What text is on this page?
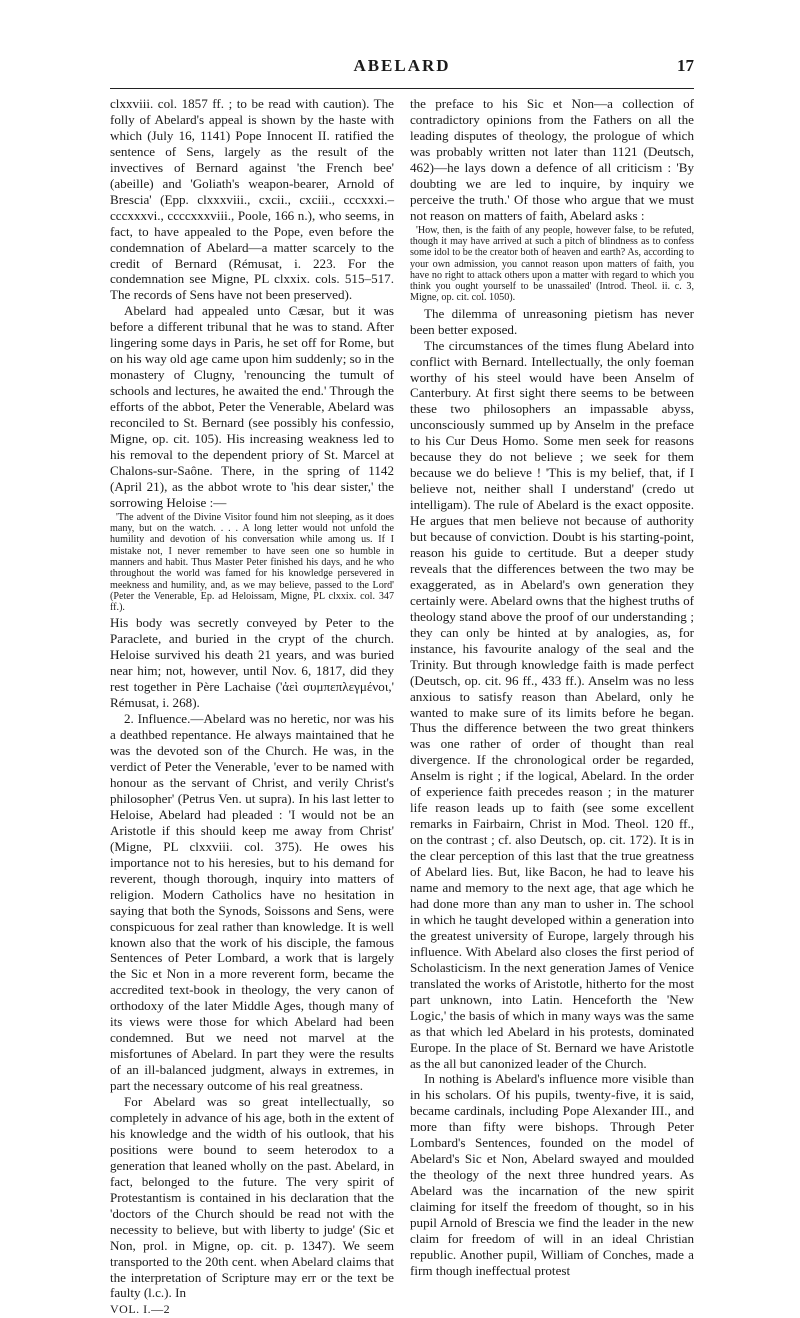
ABELARD	17

clxxviii. col. 1857 ff. ; to be read with caution). The folly of Abelard's appeal is shown by the haste with which (July 16, 1141) Pope Innocent II. ratified the sentence of Sens, largely as the result of the invectives of Bernard against 'the French bee' (abeille) and 'Goliath's weapon-bearer, Arnold of Brescia' (Epp. clxxxviii., cxcii., cxciii., cccxxxi.–cccxxxvi., ccccxxxviii., Poole, 166 n.), who seems, in fact, to have appealed to the Pope, even before the condemnation of Abelard—a matter scarcely to the credit of Bernard (Rémusat, i. 223. For the condemnation see Migne, PL clxxix. cols. 515–517. The records of Sens have not been preserved).

Abelard had appealed unto Cæsar, but it was before a different tribunal that he was to stand. After lingering some days in Paris, he set off for Rome, but on his way old age came upon him suddenly; so in the monastery of Clugny, 'renouncing the tumult of schools and lectures, he awaited the end.' Through the efforts of the abbot, Peter the Venerable, Abelard was reconciled to St. Bernard (see possibly his confessio, Migne, op. cit. 105). His increasing weakness led to his removal to the dependent priory of St. Marcel at Chalons-sur-Saône. There, in the spring of 1142 (April 21), as the abbot wrote to 'his dear sister,' the sorrowing Heloise :—

'The advent of the Divine Visitor found him not sleeping, as it does many, but on the watch. . . . A long letter would not unfold the humility and devotion of his conversation while among us. If I mistake not, I never remember to have seen one so humble in manners and habit. Thus Master Peter finished his days, and he who throughout the world was famed for his knowledge persevered in meekness and humility, and, as we may believe, passed to the Lord' (Peter the Venerable, Ep. ad Heloissam, Migne, PL clxxix. col. 347 ff.).

His body was secretly conveyed by Peter to the Paraclete, and buried in the crypt of the church. Heloise survived his death 21 years, and was buried near him; not, however, until Nov. 6, 1817, did they rest together in Père Lachaise ('ἀεὶ συμπεπλεγμένοι,' Rémusat, i. 268).

2. Influence.—Abelard was no heretic, nor was his a deathbed repentance. He always maintained that he was the devoted son of the Church. He was, in the verdict of Peter the Venerable, 'ever to be named with honour as the servant of Christ, and verily Christ's philosopher' (Petrus Ven. ut supra). In his last letter to Heloise, Abelard had pleaded : 'I would not be an Aristotle if this should keep me away from Christ' (Migne, PL clxxviii. col. 375). He owes his importance not to his heresies, but to his demand for reverent, though thorough, inquiry into matters of religion. Modern Catholics have no hesitation in saying that both the Synods, Soissons and Sens, were conspicuous for zeal rather than knowledge. It is well known also that the work of his disciple, the famous Sentences of Peter Lombard, a work that is largely the Sic et Non in a more reverent form, became the accredited text-book in theology, the very canon of orthodoxy of the later Middle Ages, though many of its views were those for which Abelard had been condemned. But we need not marvel at the misfortunes of Abelard. In part they were the results of an ill-balanced judgment, always in extremes, in part the necessary outcome of his real greatness.

For Abelard was so great intellectually, so completely in advance of his age, both in the extent of his knowledge and the width of his outlook, that his positions were bound to seem heterodox to a generation that leaned wholly on the past. Abelard, in fact, belonged to the future. The very spirit of Protestantism is contained in his declaration that the 'doctors of the Church should be read not with the necessity to believe, but with liberty to judge' (Sic et Non, prol. in Migne, op. cit. p. 1347). We seem transported to the 20th cent. when Abelard claims that the interpretation of Scripture may err or the text be faulty (l.c.). In

VOL. I.—2

the preface to his Sic et Non—a collection of contradictory opinions from the Fathers on all the leading disputes of theology, the prologue of which was probably written not later than 1121 (Deutsch, 462)—he lays down a defence of all criticism : 'By doubting we are led to inquire, by inquiry we perceive the truth.' Of those who argue that we must not reason on matters of faith, Abelard asks :

'How, then, is the faith of any people, however false, to be refuted, though it may have arrived at such a pitch of blindness as to confess some idol to be the creator both of heaven and earth? As, according to your own admission, you cannot reason upon matters of faith, you have no right to attack others upon a matter with regard to which you think you ought yourself to be unassailed' (Introd. Theol. ii. c. 3, Migne, op. cit. col. 1050).

The dilemma of unreasoning pietism has never been better exposed.

The circumstances of the times flung Abelard into conflict with Bernard. Intellectually, the only foeman worthy of his steel would have been Anselm of Canterbury. At first sight there seems to be between these two philosophers an impassable abyss, unconsciously summed up by Anselm in the preface to his Cur Deus Homo. Some men seek for reasons because they do not believe ; we seek for them because we do believe ! 'This is my belief, that, if I believe not, neither shall I understand' (credo ut intelligam). The rule of Abelard is the exact opposite. He argues that men believe not because of authority but because of conviction. Doubt is his starting-point, reason his guide to certitude. But a deeper study reveals that the differences between the two may be exaggerated, as in Abelard's own generation they certainly were. Abelard owns that the highest truths of theology stand above the proof of our understanding ; they can only be hinted at by analogies, as, for instance, his favourite analogy of the seal and the Trinity. But through knowledge faith is made perfect (Deutsch, op. cit. 96 ff., 433 ff.). Anselm was no less anxious to satisfy reason than Abelard, only he wanted to make sure of its limits before he began. Thus the difference between the two great thinkers was one rather of order of thought than real divergence. If the chronological order be regarded, Anselm is right ; if the logical, Abelard. In the order of experience faith precedes reason ; in the maturer life reason leads up to faith (see some excellent remarks in Fairbairn, Christ in Mod. Theol. 120 ff., on the contrast ; cf. also Deutsch, op. cit. 172). It is in the clear perception of this last that the true greatness of Abelard lies. But, like Bacon, he had to leave his name and memory to the next age, that age which he had done more than any man to usher in. The school in which he taught developed within a generation into the greatest university of Europe, largely through his influence. With Abelard also closes the first period of Scholasticism. In the next generation James of Venice translated the works of Aristotle, hitherto for the most part unknown, into Latin. Henceforth the 'New Logic,' the basis of which in many ways was the same as that which led Abelard in his protests, dominated Europe. In the place of St. Bernard we have Aristotle as the all but canonized leader of the Church.

In nothing is Abelard's influence more visible than in his scholars. Of his pupils, twenty-five, it is said, became cardinals, including Pope Alexander III., and more than fifty were bishops. Through Peter Lombard's Sentences, founded on the model of Abelard's Sic et Non, Abelard swayed and moulded the theology of the next three hundred years. As Abelard was the incarnation of the new spirit claiming for itself the freedom of thought, so in his pupil Arnold of Brescia we find the leader in the new claim for freedom of will in an ideal Christian republic. Another pupil, William of Conches, made a firm though ineffectual protest
